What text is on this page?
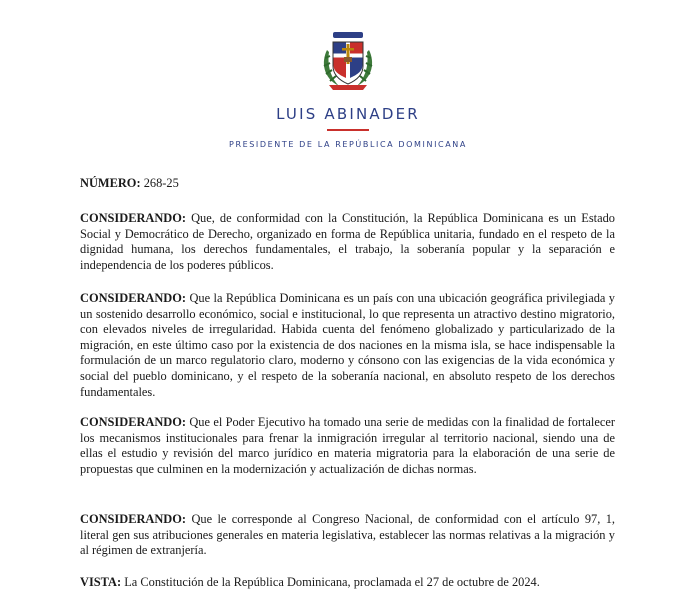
LUIS ABINADER
PRESIDENTE DE LA REPÚBLICA DOMINICANA
NÚMERO: 268-25
CONSIDERANDO: Que, de conformidad con la Constitución, la República Dominicana es un Estado Social y Democrático de Derecho, organizado en forma de República unitaria, fundado en el respeto de la dignidad humana, los derechos fundamentales, el trabajo, la soberanía popular y la separación e independencia de los poderes públicos.
CONSIDERANDO: Que la República Dominicana es un país con una ubicación geográfica privilegiada y un sostenido desarrollo económico, social e institucional, lo que representa un atractivo destino migratorio, con elevados niveles de irregularidad. Habida cuenta del fenómeno globalizado y particularizado de la migración, en este último caso por la existencia de dos naciones en la misma isla, se hace indispensable la formulación de un marco regulatorio claro, moderno y cónsono con las exigencias de la vida económica y social del pueblo dominicano, y el respeto de la soberanía nacional, en absoluto respeto de los derechos fundamentales.
CONSIDERANDO: Que el Poder Ejecutivo ha tomado una serie de medidas con la finalidad de fortalecer los mecanismos institucionales para frenar la inmigración irregular al territorio nacional, siendo una de ellas el estudio y revisión del marco jurídico en materia migratoria para la elaboración de una serie de propuestas que culminen en la modernización y actualización de dichas normas.
CONSIDERANDO: Que le corresponde al Congreso Nacional, de conformidad con el artículo 97, 1, literal gen sus atribuciones generales en materia legislativa, establecer las normas relativas a la migración y al régimen de extranjería.
VISTA: La Constitución de la República Dominicana, proclamada el 27 de octubre de 2024.
